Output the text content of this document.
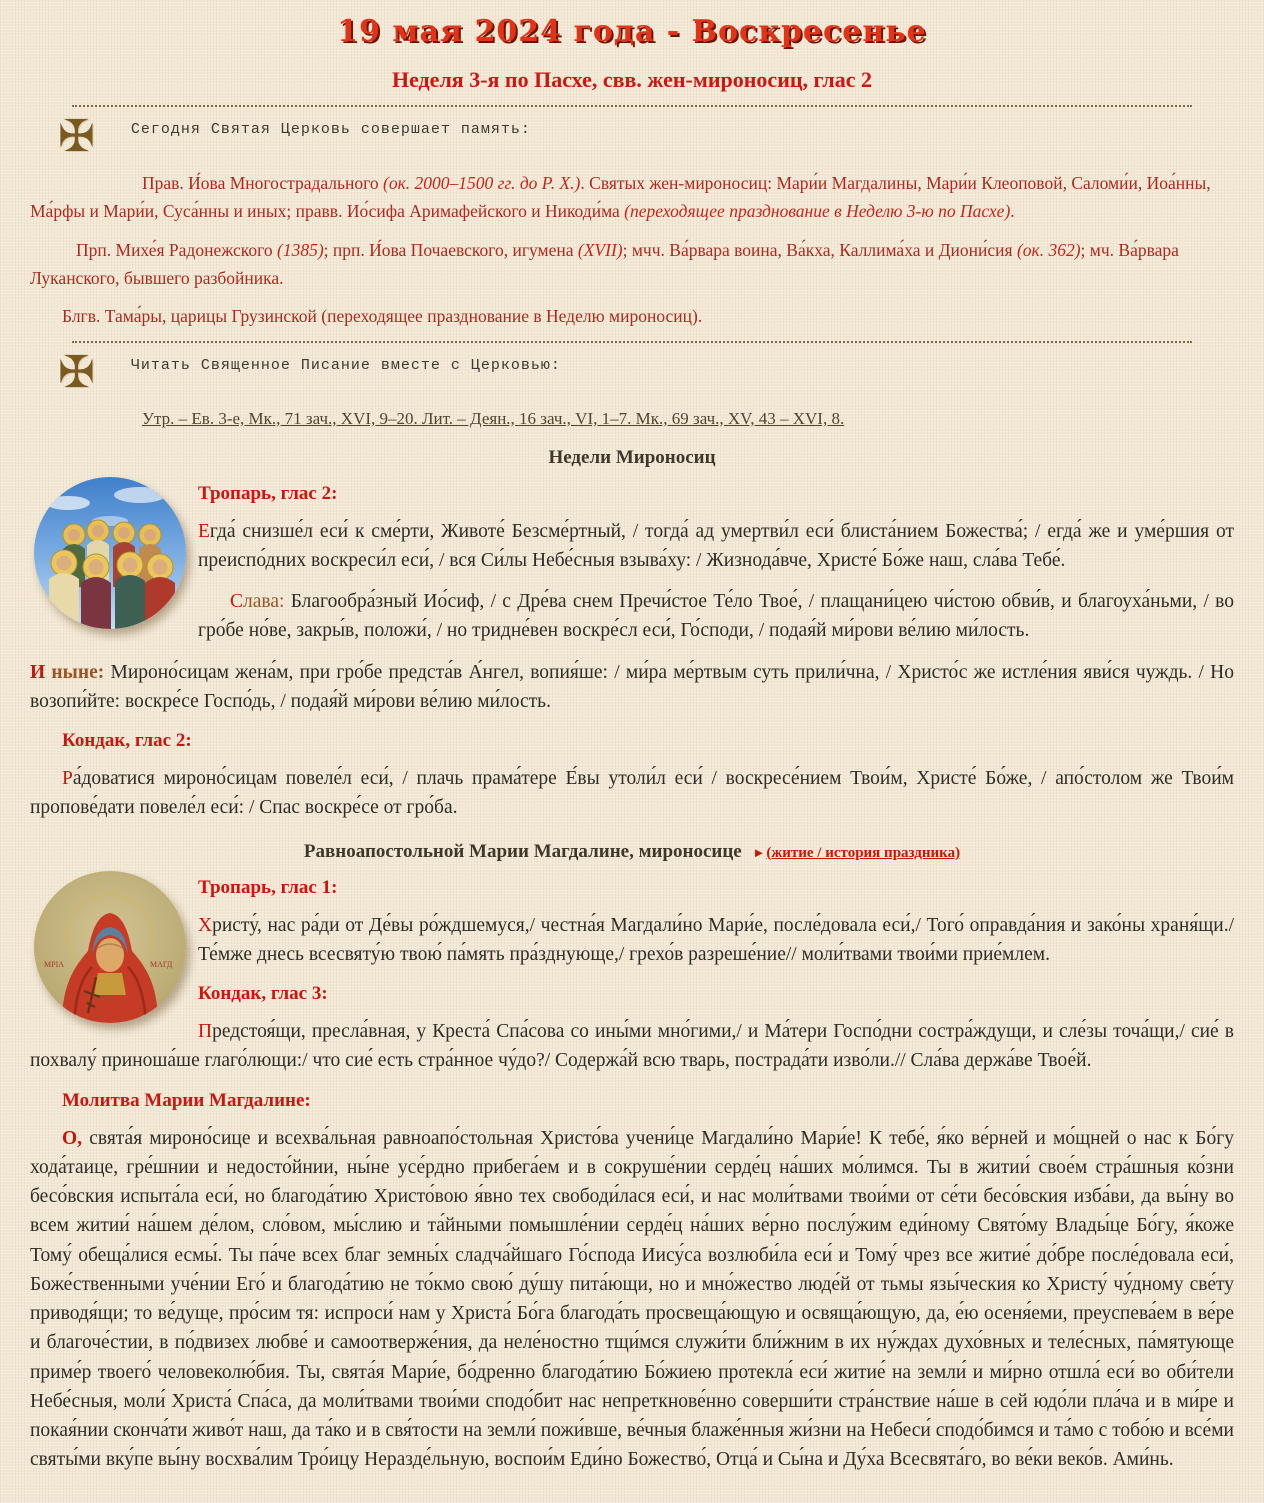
19 мая 2024 года - Воскресенье
Неделя 3-я по Пасхе, свв. жен-мироносиц, глас 2
✠ Сегодня Святая Церковь совершает память:

Прав. И́ова Многострадального (ок. 2000–1500 гг. до Р. Х.). Святых жен-мироносиц: Мари́и Магдалины, Мари́и Клеоповой, Саломи́и, Иоа́нны, Ма́рфы и Мари́и, Суса́нны и иных; правв. Ио́сифа Аримафейского и Никоди́ма (переходящее празднование в Неделю 3-ю по Пасхе).

Прп. Михе́я Радонежского (1385); прп. И́ова Почаевского, игумена (XVII); мчч. Ва́рвара воина, Ва́кха, Каллима́ха и Диони́сия (ок. 362); мч. Ва́рвара Луканского, бывшего разбойника.

Блгв. Тама́ры, царицы Грузинской (переходящее празднование в Неделю мироносиц).

✠ Читать Священное Писание вместе с Церковью:

Утр. – Ев. 3-е, Мк., 71 зач., XVI, 9–20. Лит. – Деян., 16 зач., VI, 1–7. Мк., 69 зач., XV, 43 – XVI, 8.

Недели Мироносиц
Тропарь, глас 2:

Егда́ снизше́л еси́ к сме́рти, Животе́ Безсме́ртный, / тогда́ ад умертви́л еси́ блиста́нием Божества́; / егда́ же и уме́ршия от преиспо́дних воскреси́л еси́, / вся Си́лы Небе́сныя взыва́ху: / Жизнода́вче, Христе́ Бо́же наш, сла́ва Тебе́.

Слава: Благообра́зный Ио́сиф, / с Дре́ва снем Пречи́стое Те́ло Твое́, / плащани́цею чи́стою обви́в, и благоуха́ньми, / во гро́бе но́ве, закры́в, положи́, / но тридне́вен воскре́сл еси́, Го́споди, / подая́й ми́рови ве́лию ми́лость.

И ныне: Мироно́сицам жена́м, при гро́бе предста́в А́нгел, вопия́ше: / ми́ра ме́ртвым суть прили́чна, / Христо́с же истле́ния яви́ся чуждь. / Но возопи́йте: воскре́се Госпо́дь, / подая́й ми́рови ве́лию ми́лость.

Кондак, глас 2:

Ра́доватися мироно́сицам повеле́л еси́, / плачь прама́тере Е́вы утоли́л еси́ / воскресе́нием Твои́м, Христе́ Бо́же, / апо́столом же Твои́м пропове́дати повеле́л еси́: / Спас воскре́се от гро́ба.

Равноапостольной Марии Магдалине, мироносице ►(житие / история праздника)
МРІА	МАГД
Тропарь, глас 1:

Христу́, нас ра́ди от Де́вы ро́ждшемуся,/ честна́я Магдали́но Мари́е, после́довала еси́,/ Того́ оправда́ния и зако́ны храня́щи./ Те́мже днесь всесвяту́ю твою́ па́мять пра́зднующе,/ грехо́в разреше́ние// моли́твами твои́ми прие́млем.

Кондак, глас 3:

Предстоя́щи, пресла́вная, у Креста́ Спа́сова со ины́ми мно́гими,/ и Ма́тери Госпо́дни состра́ждущи, и сле́зы точа́щи,/ сие́ в похвалу́ приноша́ше глаго́лющи:/ что сие́ есть стра́нное чу́до?/ Содержа́й всю тварь, пострада́ти изво́ли.// Сла́ва держа́ве Твое́й.

Молитва Марии Магдалине:

О, свята́я мироно́сице и всехва́льная равноапо́стольная Христо́ва учени́це Магдали́но Мари́е! К тебе́, я́ко ве́рней и мо́щней о нас к Бо́гу хода́таице, гре́шнии и недосто́йнии, ны́не усе́рдно прибега́ем и в сокруше́нии серде́ц на́ших мо́лимся. Ты в житии́ свое́м стра́шныя ко́зни бесо́вския испыта́ла еси́, но благода́тию Христо́вою я́вно тех свободи́лася еси́, и нас моли́твами твои́ми от се́ти бесо́вския изба́ви, да вы́ну во всем житии́ на́шем де́лом, сло́вом, мы́слию и та́йными помышле́нии серде́ц на́ших ве́рно послу́жим еди́ному Свято́му Влады́це Бо́гу, я́коже Тому́ обеща́лися есмы́. Ты па́че всех благ земны́х сладча́йшаго Го́спода Иису́са возлюби́ла еси́ и Тому́ чрез все житие́ до́бре после́довала еси́, Боже́ственными уче́нии Его́ и благода́тию не то́кмо свою́ ду́шу пита́ющи, но и мно́жество люде́й от тьмы язы́ческия ко Христу́ чу́дному све́ту приводя́щи; то ве́дуще, про́сим тя: испроси́ нам у Христа́ Бо́га благода́ть просвеща́ющую и освяща́ющую, да, е́ю осеня́еми, преуспева́ем в ве́ре и благоче́стии, в по́двизех любве́ и самоотверже́ния, да неле́ностно тщи́мся служи́ти бли́жним в их ну́ждах духо́вных и теле́сных, па́мятующе приме́р твоего́ человеколю́бия. Ты, свята́я Мари́е, бо́дренно благода́тию Бо́жиею протекла́ еси́ житие́ на земли́ и ми́рно отшла́ еси́ во оби́тели Небе́сныя, моли́ Христа́ Спа́са, да моли́твами твои́ми сподо́бит нас непреткнове́нно соверши́ти стра́нствие на́ше в сей юдо́ли пла́ча и в ми́ре и покая́нии сконча́ти живо́т наш, да та́ко и в свя́тости на земли́ пожи́вше, ве́чныя блаже́нныя жи́зни на Небеси́ сподо́бимся и та́мо с тобо́ю и все́ми святы́ми вку́пе вы́ну восхва́лим Тро́ицу Неразде́льную, воспои́м Еди́но Божество́, Отца́ и Сы́на и Ду́ха Всесвята́го, во ве́ки веко́в. Ами́нь.
